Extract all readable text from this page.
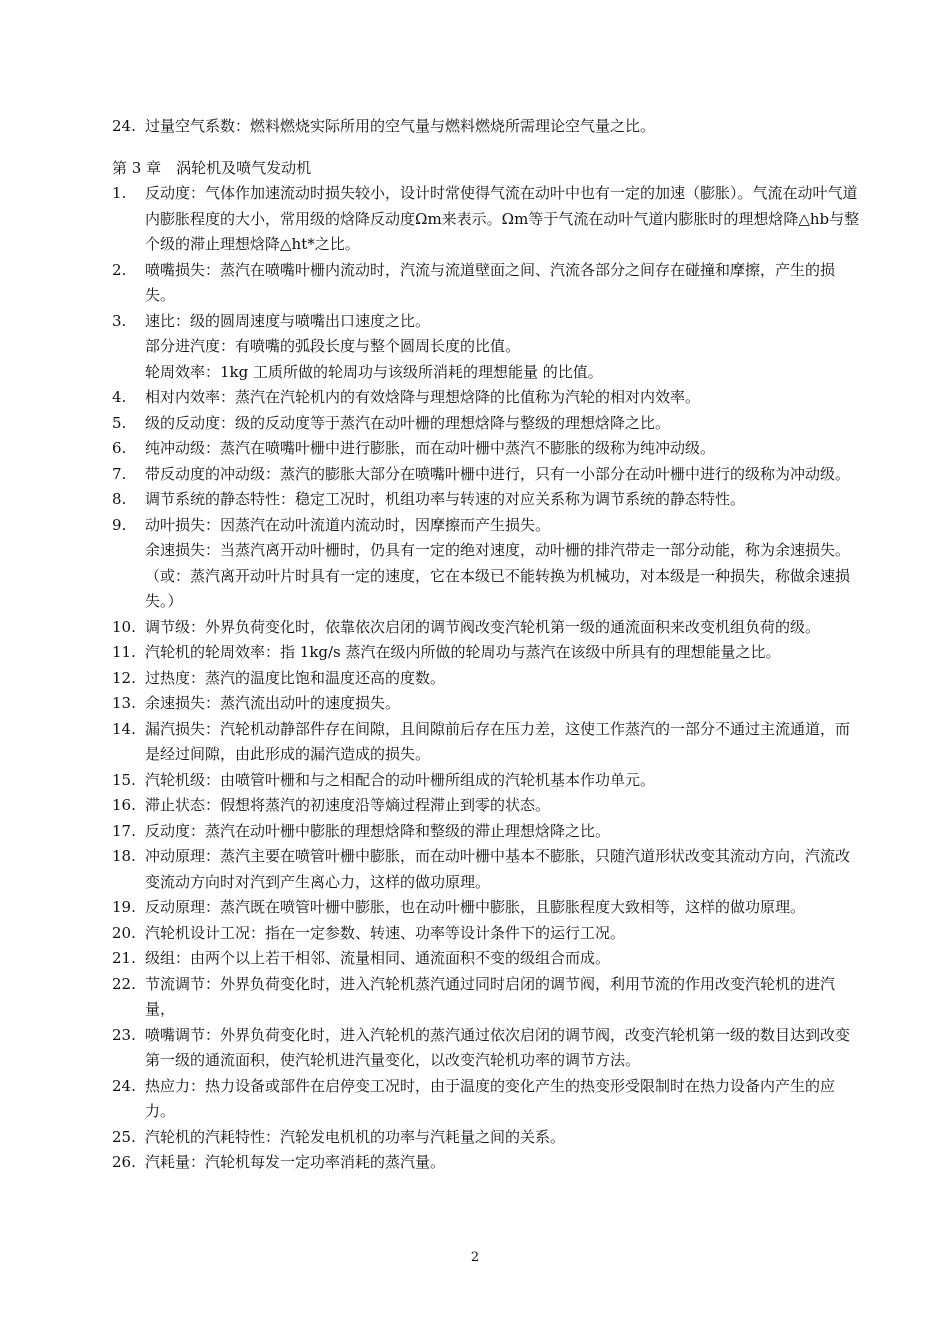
24. 过量空气系数：燃料燃烧实际所用的空气量与燃料燃烧所需理论空气量之比。
第 3 章　涡轮机及喷气发动机
1.	反动度：气体作加速流动时损失较小，设计时常使得气流在动叶中也有一定的加速（膨胀）。气流在动叶气道内膨胀程度的大小，常用级的焓降反动度Ωm来表示。Ωm等于气流在动叶气道内膨胀时的理想焓降△hb与整个级的滞止理想焓降△ht*之比。
2.	喷嘴损失：蒸汽在喷嘴叶栅内流动时，汽流与流道壁面之间、汽流各部分之间存在碰撞和摩擦，产生的损失。
3.	速比：级的圆周速度与喷嘴出口速度之比。
部分进汽度：有喷嘴的弧段长度与整个圆周长度的比值。
轮周效率：1kg 工质所做的轮周功与该级所消耗的理想能量 的比值。
4.	相对内效率：蒸汽在汽轮机内的有效焓降与理想焓降的比值称为汽轮的相对内效率。
5.	级的反动度：级的反动度等于蒸汽在动叶栅的理想焓降与整级的理想焓降之比。
6.	纯冲动级：蒸汽在喷嘴叶栅中进行膨胀，而在动叶栅中蒸汽不膨胀的级称为纯冲动级。
7.	带反动度的冲动级：蒸汽的膨胀大部分在喷嘴叶栅中进行，只有一小部分在动叶栅中进行的级称为冲动级。
8.	调节系统的静态特性：稳定工况时，机组功率与转速的对应关系称为调节系统的静态特性。
9.	动叶损失：因蒸汽在动叶流道内流动时，因摩擦而产生损失。
余速损失：当蒸汽离开动叶栅时，仍具有一定的绝对速度，动叶栅的排汽带走一部分动能，称为余速损失。（或：蒸汽离开动叶片时具有一定的速度，它在本级已不能转换为机械功，对本级是一种损失，称做余速损失。）
10. 调节级：外界负荷变化时，依靠依次启闭的调节阀改变汽轮机第一级的通流面积来改变机组负荷的级。
11. 汽轮机的轮周效率：指 1kg/s 蒸汽在级内所做的轮周功与蒸汽在该级中所具有的理想能量之比。
12. 过热度：蒸汽的温度比饱和温度还高的度数。
13. 余速损失：蒸汽流出动叶的速度损失。
14. 漏汽损失：汽轮机动静部件存在间隙，且间隙前后存在压力差，这使工作蒸汽的一部分不通过主流通道，而是经过间隙，由此形成的漏汽造成的损失。
15. 汽轮机级：由喷管叶栅和与之相配合的动叶栅所组成的汽轮机基本作功单元。
16. 滞止状态：假想将蒸汽的初速度沿等熵过程滞止到零的状态。
17. 反动度：蒸汽在动叶栅中膨胀的理想焓降和整级的滞止理想焓降之比。
18. 冲动原理：蒸汽主要在喷管叶栅中膨胀，而在动叶栅中基本不膨胀，只随汽道形状改变其流动方向，汽流改变流动方向时对汽到产生离心力，这样的做功原理。
19. 反动原理：蒸汽既在喷管叶栅中膨胀，也在动叶栅中膨胀，且膨胀程度大致相等，这样的做功原理。
20. 汽轮机设计工况：指在一定参数、转速、功率等设计条件下的运行工况。
21. 级组：由两个以上若干相邻、流量相同、通流面积不变的级组合而成。
22. 节流调节：外界负荷变化时，进入汽轮机蒸汽通过同时启闭的调节阀，利用节流的作用改变汽轮机的进汽量，
23. 喷嘴调节：外界负荷变化时，进入汽轮机的蒸汽通过依次启闭的调节阀，改变汽轮机第一级的数目达到改变第一级的通流面积，使汽轮机进汽量变化，以改变汽轮机功率的调节方法。
24. 热应力：热力设备或部件在启停变工况时，由于温度的变化产生的热变形受限制时在热力设备内产生的应力。
25. 汽轮机的汽耗特性：汽轮发电机机的功率与汽耗量之间的关系。
26. 汽耗量：汽轮机每发一定功率消耗的蒸汽量。
2
